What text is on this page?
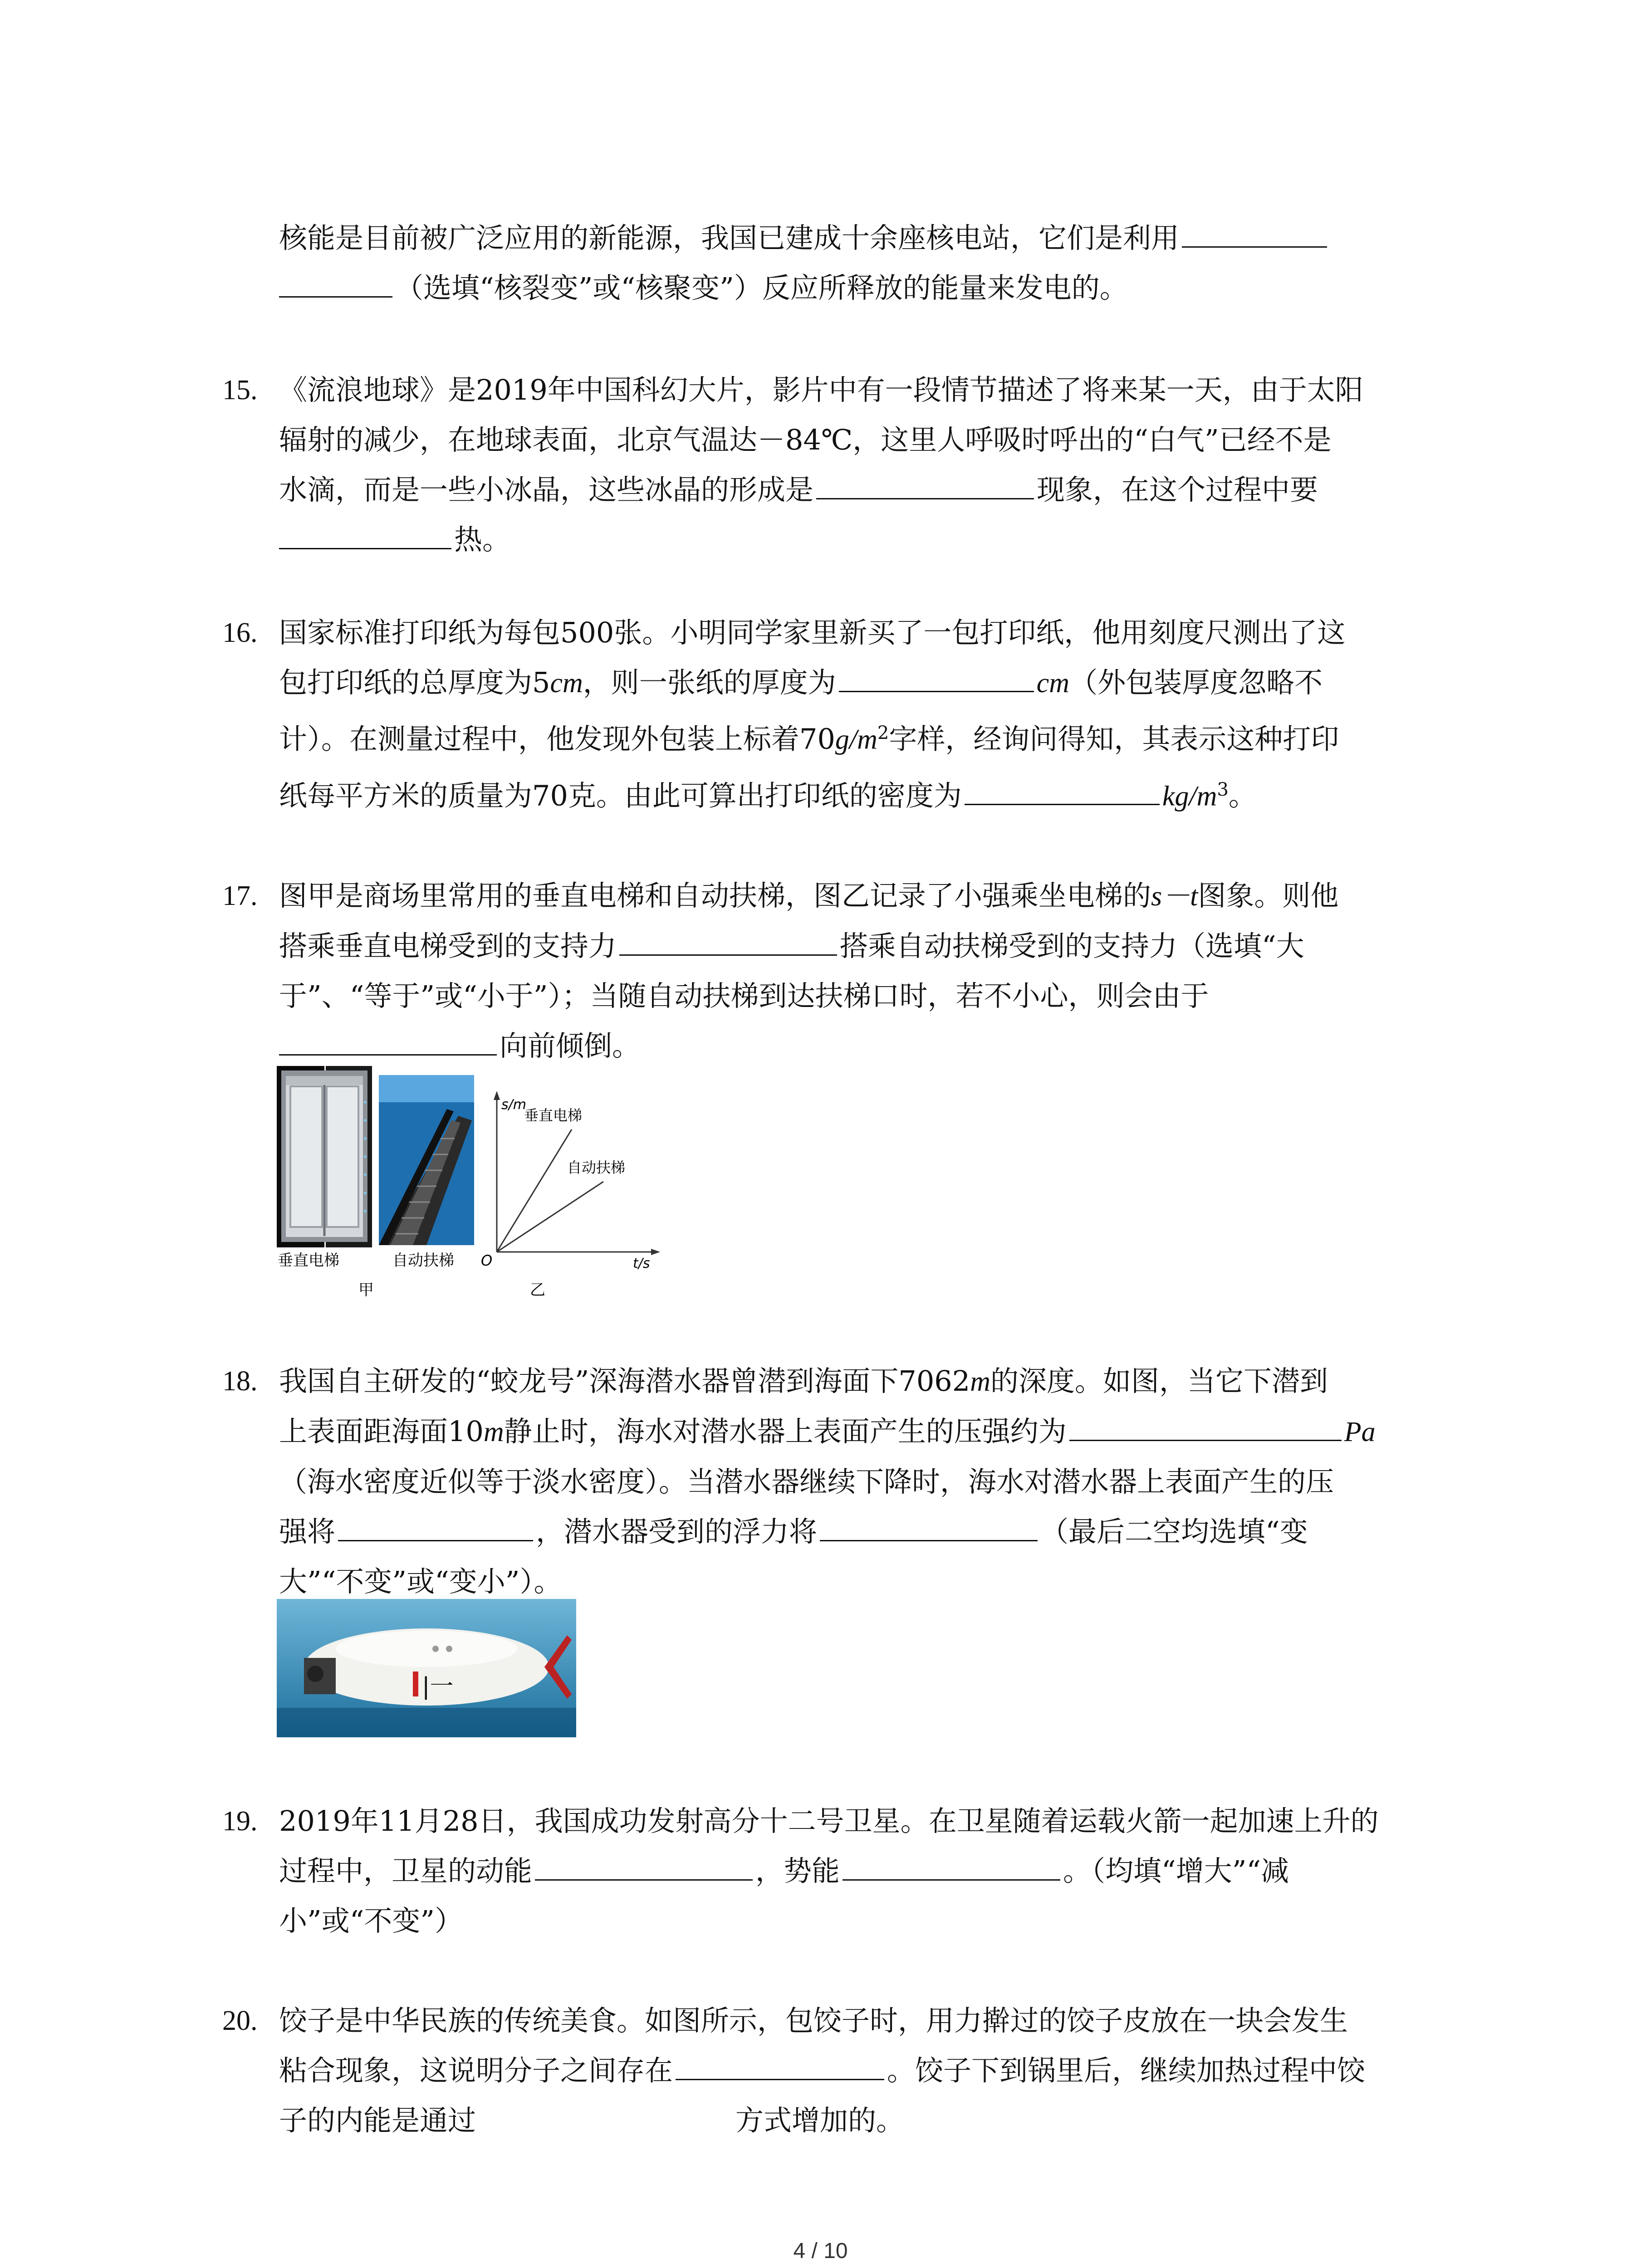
核能是目前被广泛应用的新能源，我国已建成十余座核电站，它们是利用
（选填“核裂变”或“核聚变”）反应所释放的能量来发电的。
15. 《流浪地球》是2019年中国科幻大片，影片中有一段情节描述了将来某一天，由于太阳
辐射的减少，在地球表面，北京气温达－84℃，这里人呼吸时呼出的“白气”已经不是
水滴，而是一些小冰晶，这些冰晶的形成是	现象，在这个过程中要
热。
16. 国家标准打印纸为每包500张。小明同学家里新买了一包打印纸，他用刻度尺测出了这
包打印纸的总厚度为5cm，则一张纸的厚度为	cm（外包装厚度忽略不
计）。在测量过程中，他发现外包装上标着$70g/m^2$字样，经询问得知，其表示这种打印
纸每平方米的质量为70克。由此可算出打印纸的密度为	$kg/m^3$。
17. 图甲是商场里常用的垂直电梯和自动扶梯，图乙记录了小强乘坐电梯的s－t图象。则他
搭乘垂直电梯受到的支持力	搭乘自动扶梯受到的支持力（选填“大
于”、“等于”或“小于”）；当随自动扶梯到达扶梯口时，若不小心，则会由于
向前倾倒。
垂直电梯	自动扶梯
甲
s/m
t/s
O
垂直电梯
自动扶梯
乙
18. 我国自主研发的“蛟龙号”深海潜水器曾潜到海面下7062m的深度。如图，当它下潜到
上表面距海面10m静止时，海水对潜水器上表面产生的压强约为	Pa
（海水密度近似等于淡水密度）。当潜水器继续下降时，海水对潜水器上表面产生的压
强将	，潜水器受到的浮力将	（最后二空均选填“变
大”“不变”或“变小”）。
|一
19. 2019年11月28日，我国成功发射高分十二号卫星。在卫星随着运载火箭一起加速上升的
过程中，卫星的动能	，势能	。（均填“增大”“减
小”或“不变”）
20. 饺子是中华民族的传统美食。如图所示，包饺子时，用力擀过的饺子皮放在一块会发生
粘合现象，这说明分子之间存在	。饺子下到锅里后，继续加热过程中饺
子的内能是通过	方式增加的。
4 / 10
